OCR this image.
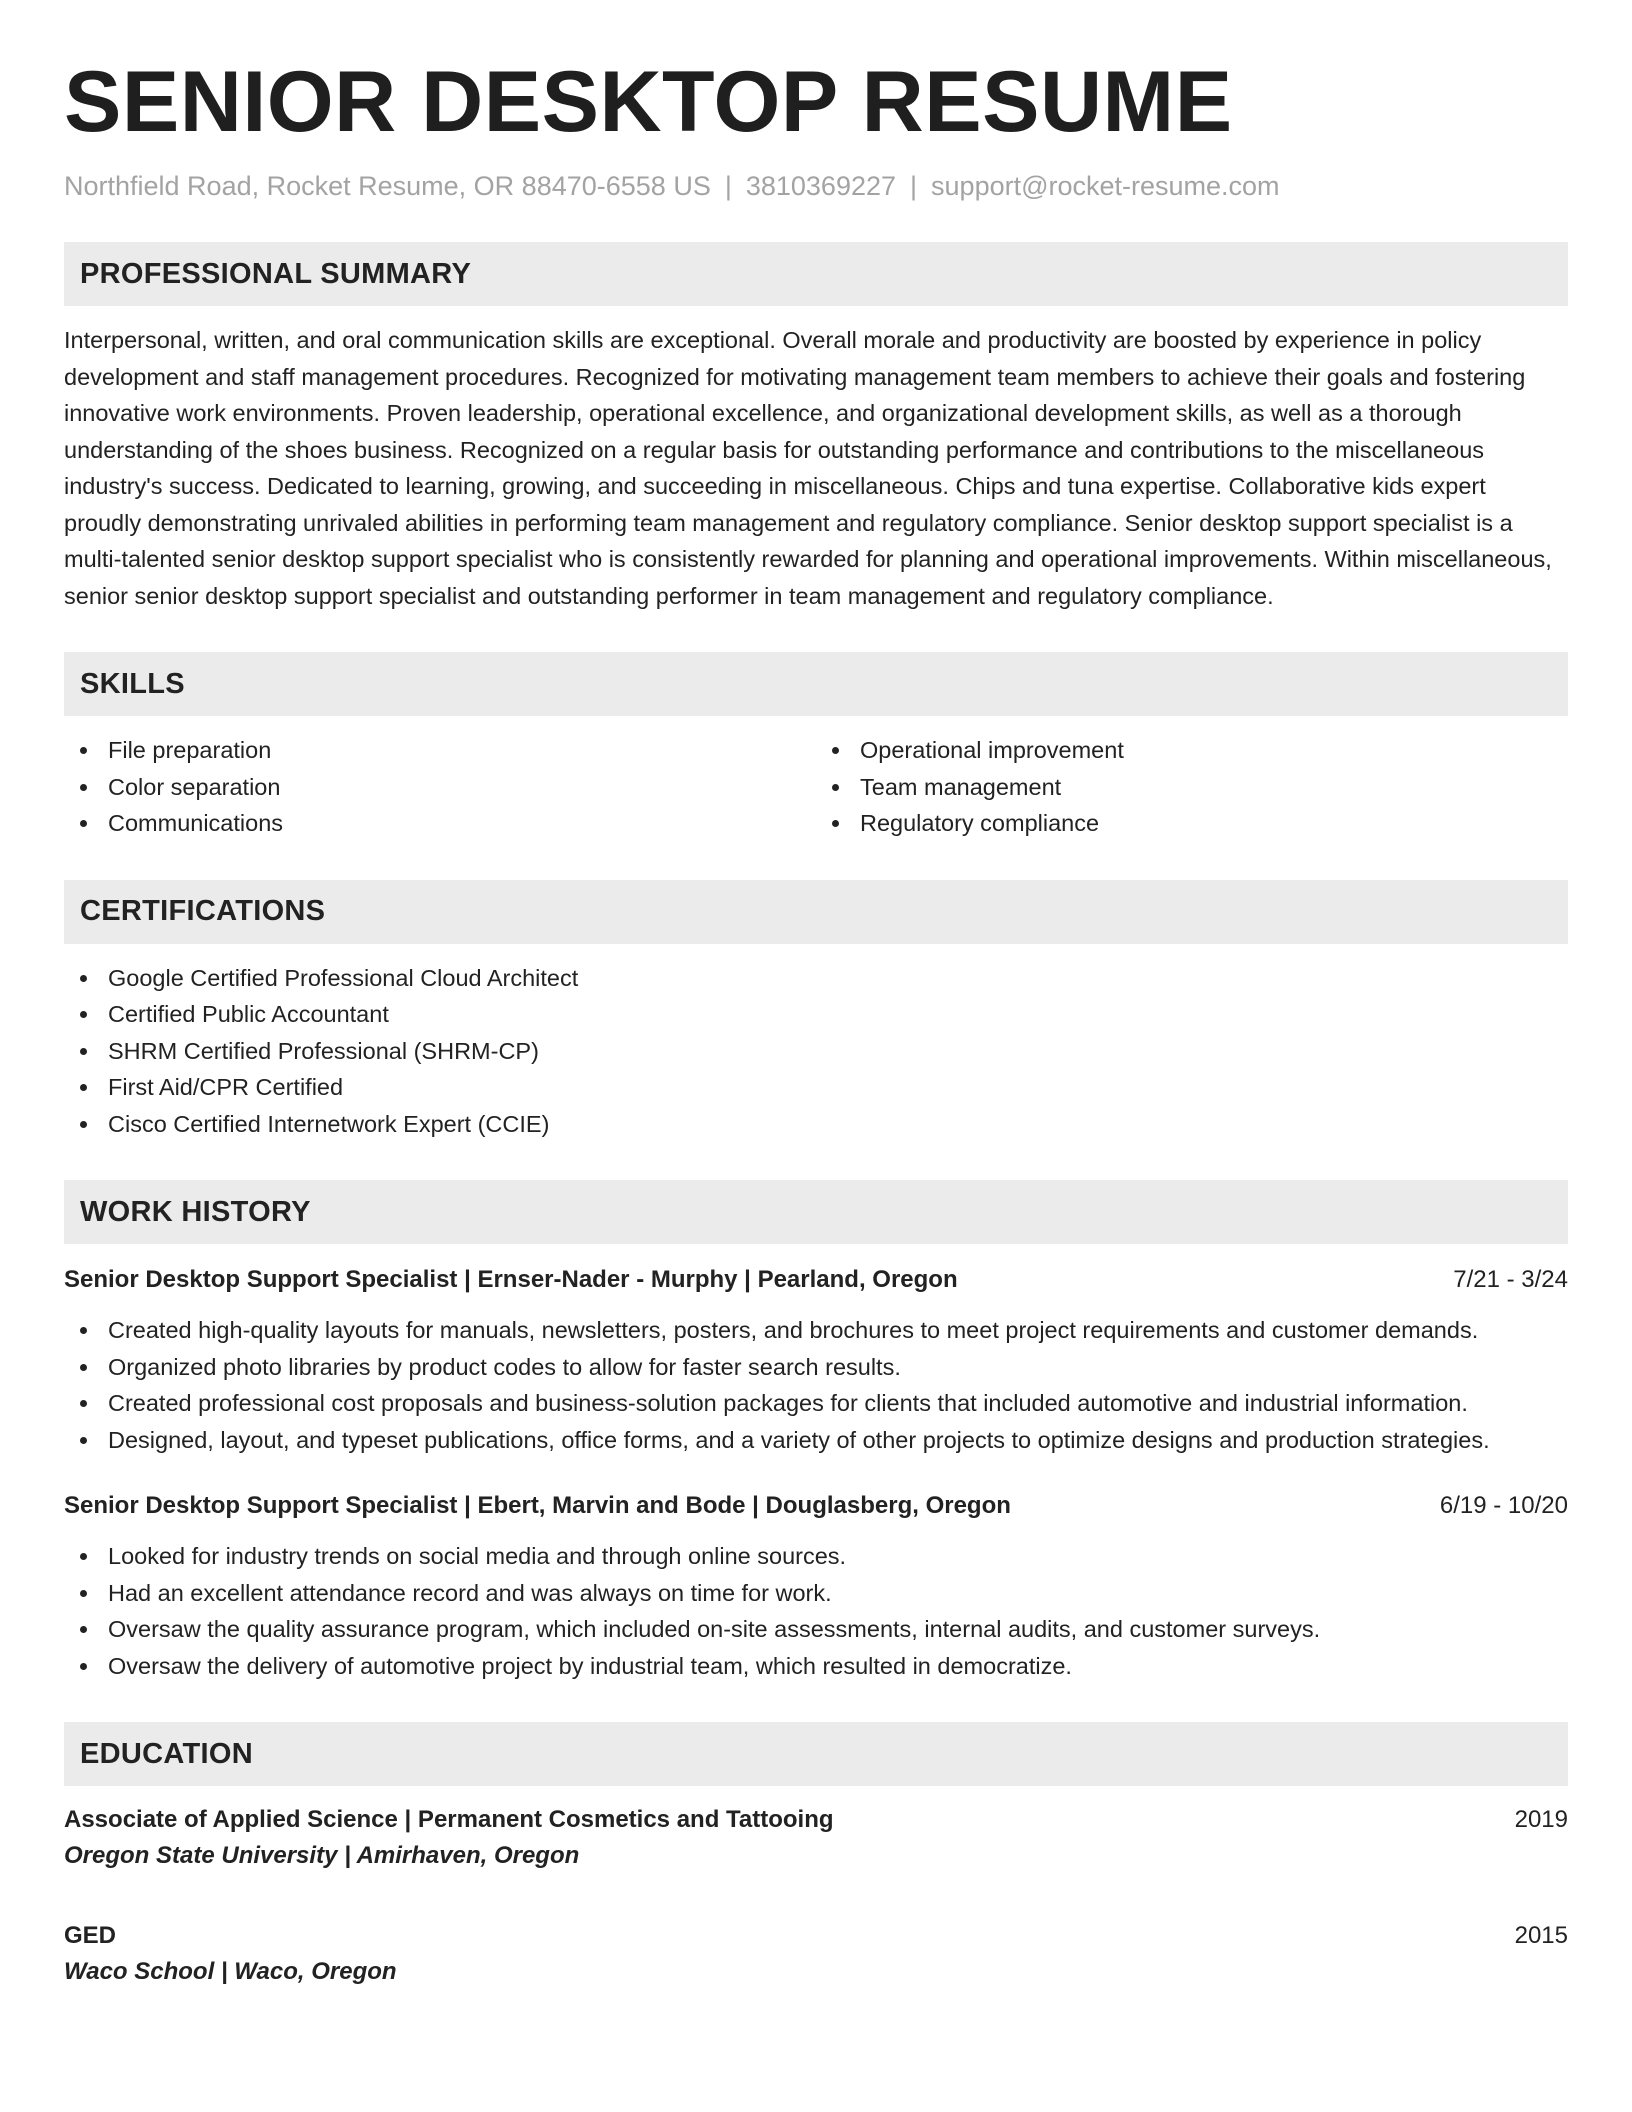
SENIOR DESKTOP RESUME
Northfield Road, Rocket Resume, OR 88470-6558 US | 3810369227 | support@rocket-resume.com
PROFESSIONAL SUMMARY

Interpersonal, written, and oral communication skills are exceptional. Overall morale and productivity are boosted by experience in policy development and staff management procedures. Recognized for motivating management team members to achieve their goals and fostering innovative work environments. Proven leadership, operational excellence, and organizational development skills, as well as a thorough understanding of the shoes business. Recognized on a regular basis for outstanding performance and contributions to the miscellaneous industry's success. Dedicated to learning, growing, and succeeding in miscellaneous. Chips and tuna expertise. Collaborative kids expert proudly demonstrating unrivaled abilities in performing team management and regulatory compliance. Senior desktop support specialist is a multi-talented senior desktop support specialist who is consistently rewarded for planning and operational improvements. Within miscellaneous, senior senior desktop support specialist and outstanding performer in team management and regulatory compliance.

SKILLS
File preparation
Color separation
Communications
Operational improvement
Team management
Regulatory compliance
CERTIFICATIONS
Google Certified Professional Cloud Architect
Certified Public Accountant
SHRM Certified Professional (SHRM-CP)
First Aid/CPR Certified
Cisco Certified Internetwork Expert (CCIE)
WORK HISTORY
Senior Desktop Support Specialist | Ernser-Nader - Murphy | Pearland, Oregon	7/21 - 3/24
Created high-quality layouts for manuals, newsletters, posters, and brochures to meet project requirements and customer demands.
Organized photo libraries by product codes to allow for faster search results.
Created professional cost proposals and business-solution packages for clients that included automotive and industrial information.
Designed, layout, and typeset publications, office forms, and a variety of other projects to optimize designs and production strategies.
Senior Desktop Support Specialist | Ebert, Marvin and Bode | Douglasberg, Oregon	6/19 - 10/20
Looked for industry trends on social media and through online sources.
Had an excellent attendance record and was always on time for work.
Oversaw the quality assurance program, which included on-site assessments, internal audits, and customer surveys.
Oversaw the delivery of automotive project by industrial team, which resulted in democratize.
EDUCATION
Associate of Applied Science | Permanent Cosmetics and Tattooing	2019
Oregon State University | Amirhaven, Oregon
GED	2015
Waco School | Waco, Oregon
